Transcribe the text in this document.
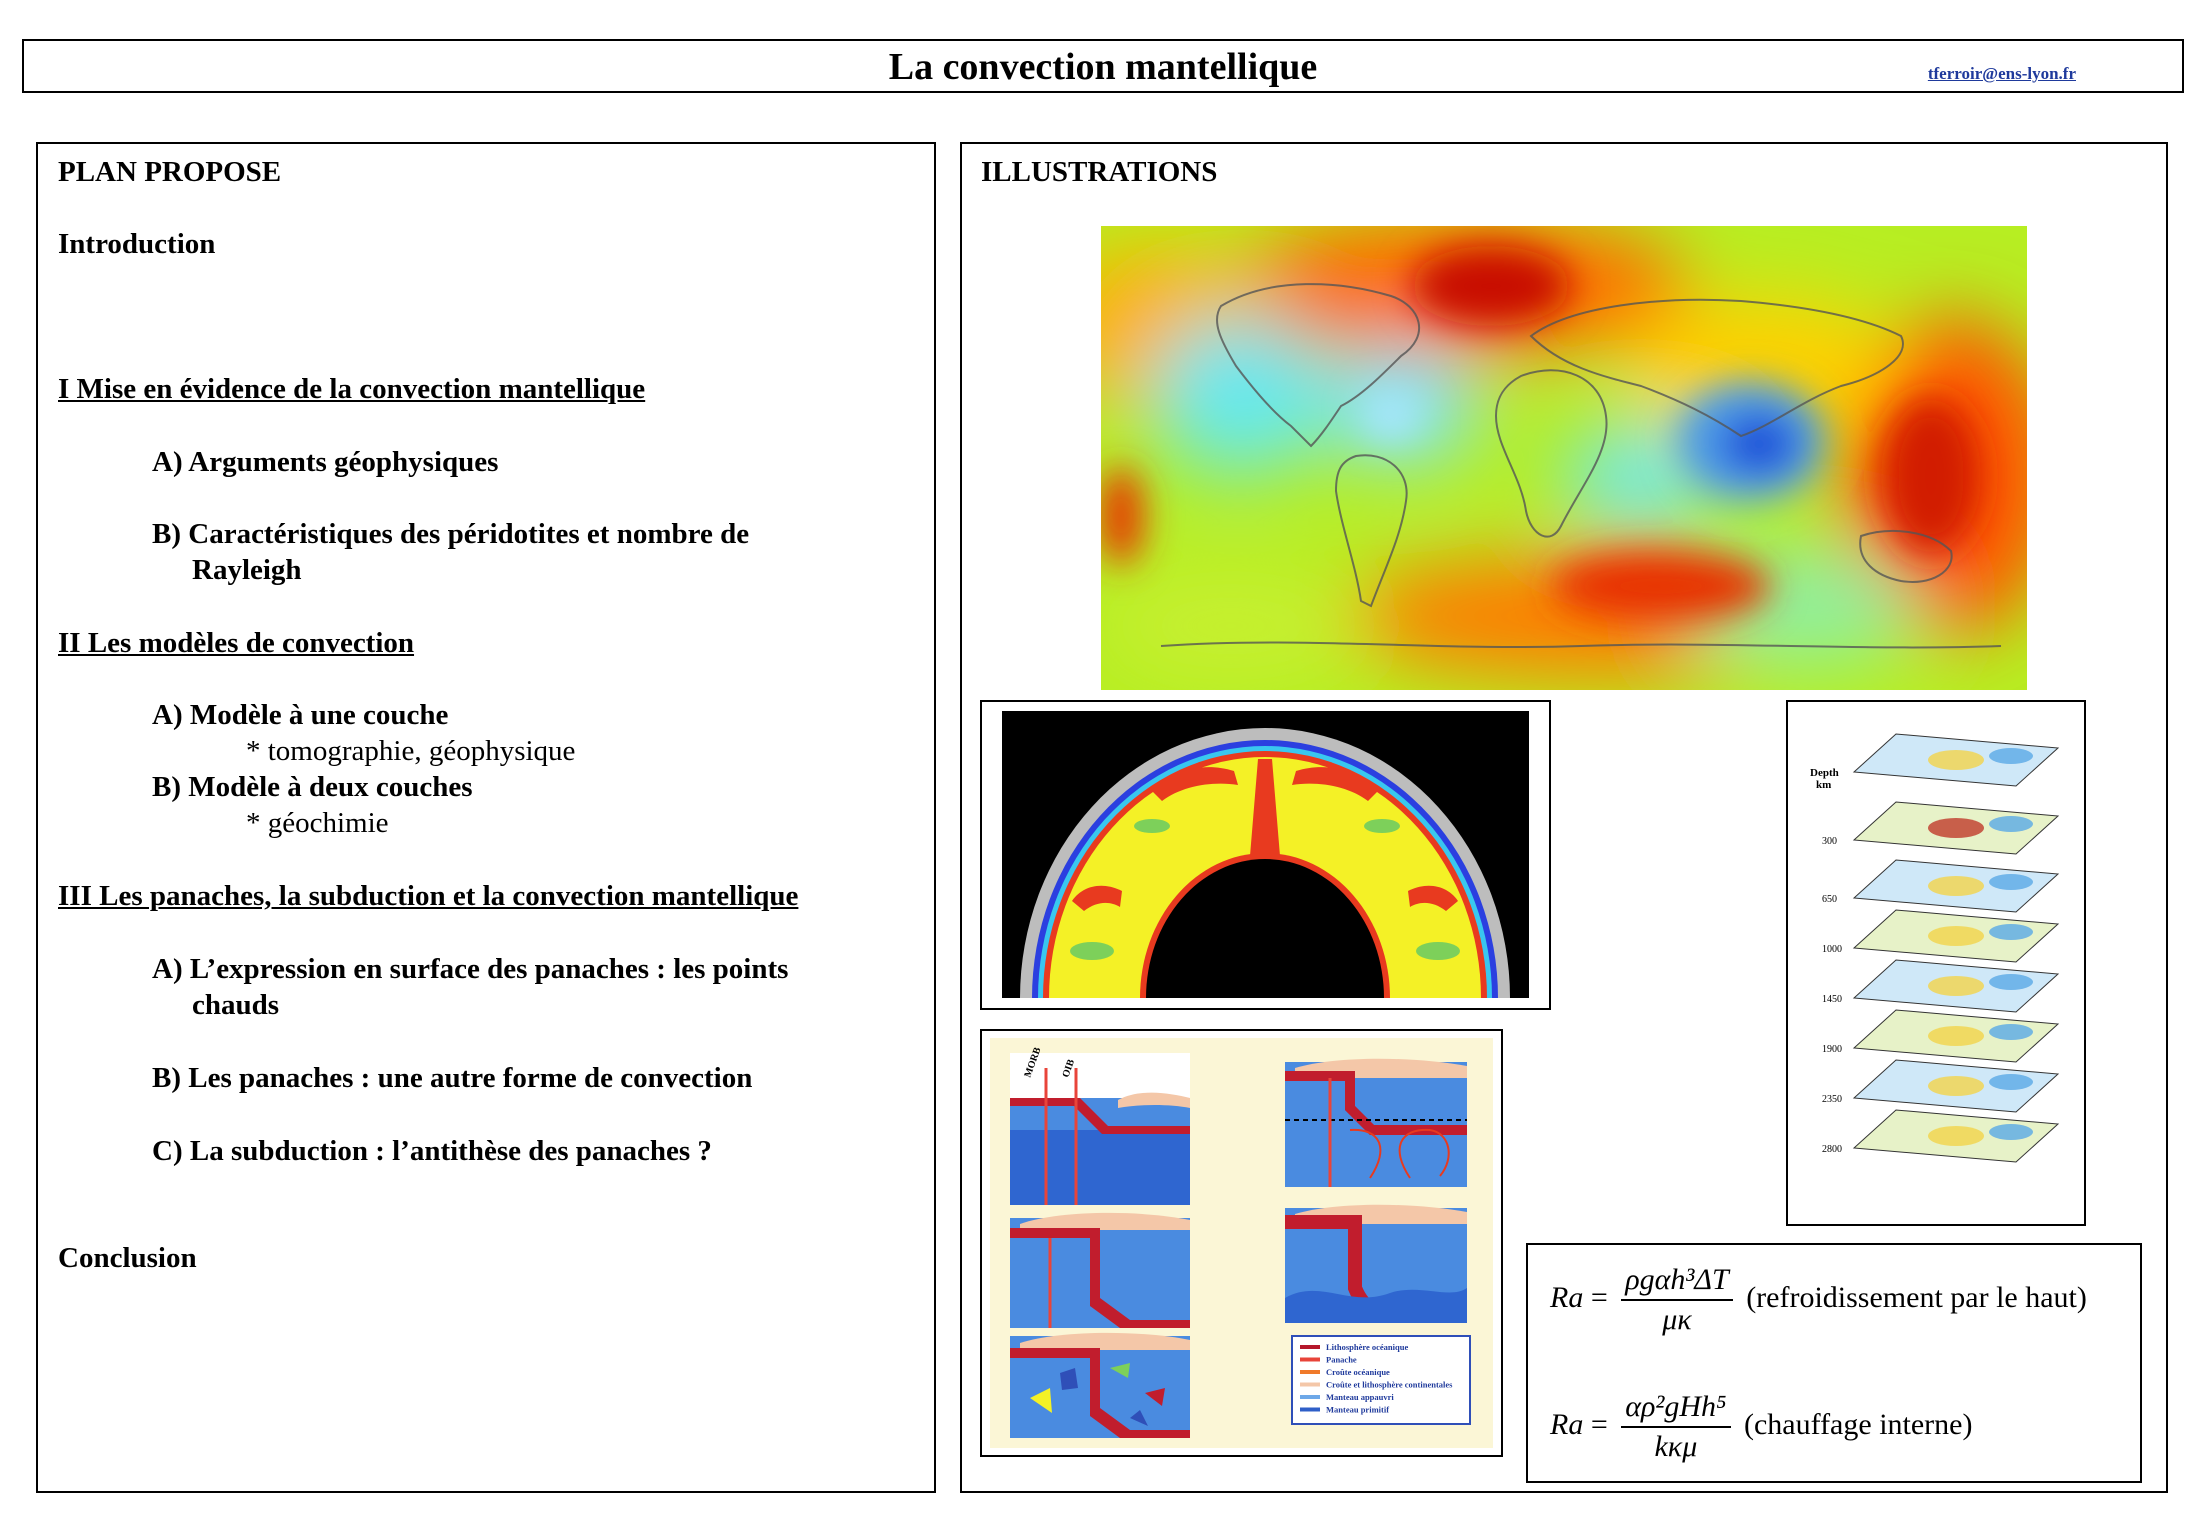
La convection mantellique	tferroir@ens-lyon.fr
PLAN PROPOSE
Introduction
I Mise en évidence de la convection mantellique
A) Arguments géophysiques
B) Caractéristiques des péridotites et nombre de
Rayleigh
II Les modèles de convection
A) Modèle à une couche
* tomographie, géophysique
B) Modèle à deux couches
* géochimie
III Les panaches, la subduction et la convection mantellique
A) L’expression en surface des panaches : les points
chauds
B) Les panaches : une autre forme de convection
C) La subduction : l’antithèse des panaches ?
Conclusion
ILLUSTRATIONS
Depth
km
300
650
1000
1450
1900
2350
2800
MORB OIB
Lithosphère océanique
Panache
Croûte océanique
Croûte et lithosphère continentales
Manteau appauvri
Manteau primitif
$Ra = \frac{\text{ρgαh³ΔT}}{\mu\kappa}$ (refroidissement par le haut)
$Ra = \frac{\text{αρ²gHh⁵}}{\text{kκμ}}$ (chauffage interne)
